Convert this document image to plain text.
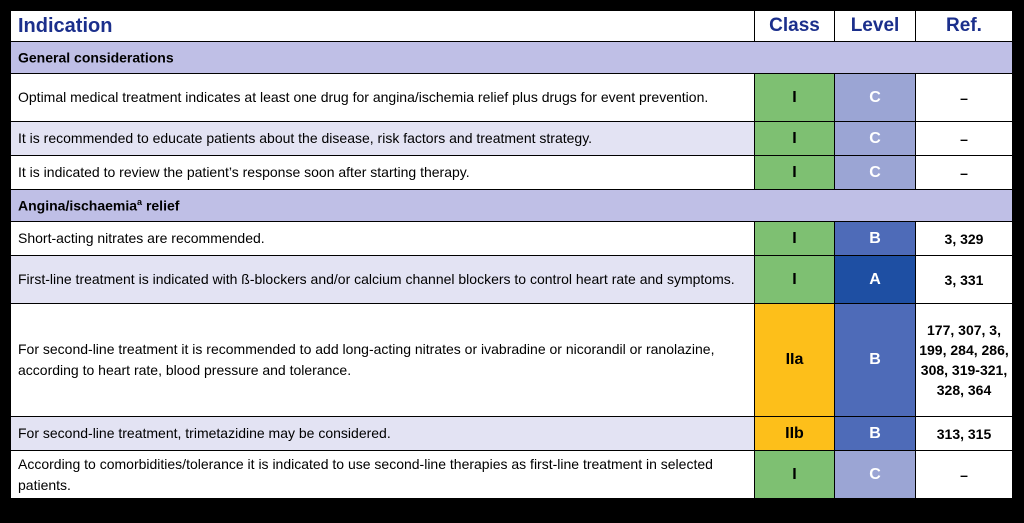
Indication	Class	Level	Ref.
General considerations			
Optimal medical treatment indicates at least one drug for angina/ischemia relief plus drugs for event prevention.	I	C	–
It is recommended to educate patients about the disease, risk factors and treatment strategy.	I	C	–
It is indicated to review the patient’s response soon after starting therapy.	I	C	–
Angina/ischaemia$^a$ relief			
Short-acting nitrates are recommended.	I	B	3, 329
First-line treatment is indicated with ß-blockers and/or calcium channel blockers to control heart rate and symptoms.	I	A	3, 331
For second-line treatment it is recommended to add long-acting nitrates or ivabradine or nicorandil or ranolazine, according to heart rate, blood pressure and tolerance.	IIa	B	177, 307, 3, 199, 284, 286, 308, 319-321, 328, 364
For second-line treatment, trimetazidine may be considered.	IIb	B	313, 315
According to comorbidities/tolerance it is indicated to use second-line therapies as first-line treatment in selected patients.	I	C	–
